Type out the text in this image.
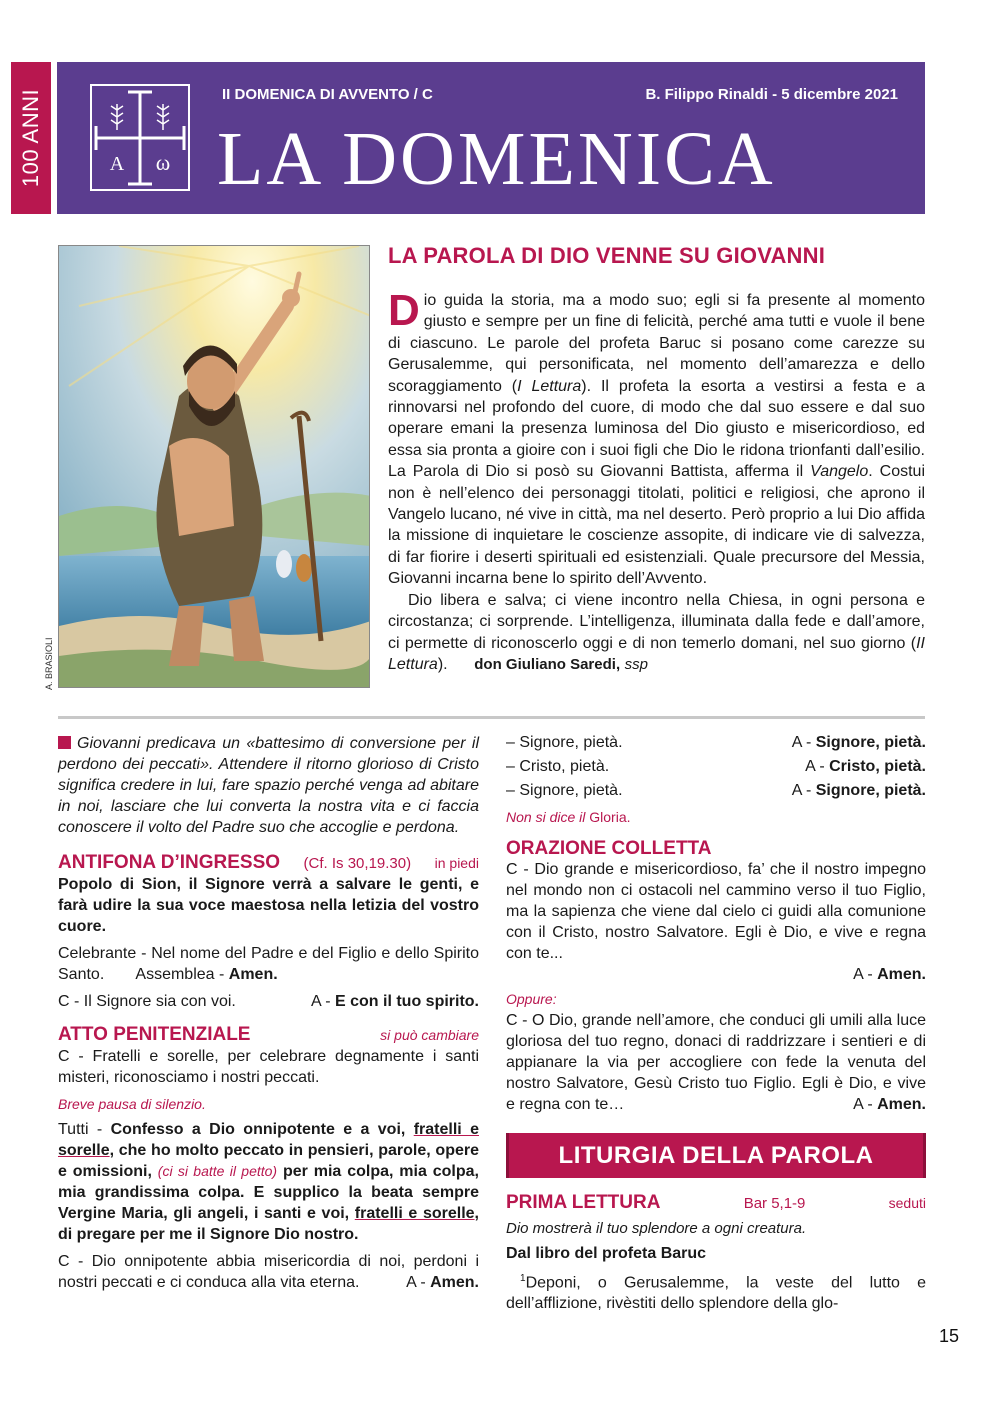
100 ANNI	A ω
II DOMENICA DI AVVENTO / C	B. Filippo Rinaldi - 5 dicembre 2021
LA DOMENICA
A. BRASIOLI
LA PAROLA DI DIO VENNE SU GIOVANNI

Dio guida la storia, ma a modo suo; egli si fa presente al momento giusto e sempre per un fine di felicità, perché ama tutti e vuole il bene di ciascuno. Le parole del profeta Baruc si posano come carezze su Gerusalemme, qui personificata, nel momento dell’amarezza e dello scoraggiamento (I Lettura). Il profeta la esorta a vestirsi a festa e a rinnovarsi nel profondo del cuore, di modo che dal suo essere e dal suo operare emani la presenza luminosa del Dio giusto e misericordioso, ed essa sia pronta a gioire con i suoi figli che Dio le ridona trionfanti dall’esilio. La Parola di Dio si posò su Giovanni Battista, afferma il Vangelo. Costui non è nell’elenco dei personaggi titolati, politici e religiosi, che aprono il Vangelo lucano, né vive in città, ma nel deserto. Però proprio a lui Dio affida la missione di inquietare le coscienze assopite, di indicare vie di salvezza, di far fiorire i deserti spirituali ed esistenziali. Quale precursore del Messia, Giovanni incarna bene lo spirito dell’Avvento.

Dio libera e salva; ci viene incontro nella Chiesa, in ogni persona e circostanza; ci sorprende. L’intelligenza, illuminata dalla fede e dall’amore, ci permette di riconoscerlo oggi e di non temerlo domani, nel suo giorno (II Lettura). don Giuliano Saredi, ssp

Giovanni predicava un «battesimo di conversione per il perdono dei peccati». Attendere il ritorno glorioso di Cristo significa credere in lui, fare spazio perché venga ad abitare in noi, lasciare che lui converta la nostra vita e ci faccia conoscere il volto del Padre suo che accoglie e perdona.

ANTIFONA D’INGRESSO (Cf. Is 30,19.30) in piedi

Popolo di Sion, il Signore verrà a salvare le genti, e farà udire la sua voce maestosa nella letizia del vostro cuore.

Celebrante - Nel nome del Padre e del Figlio e dello Spirito Santo. Assemblea - Amen.

C - Il Signore sia con voi.	A - E con il tuo spirito.
ATTO PENITENZIALE	si può cambiare

C - Fratelli e sorelle, per celebrare degnamente i santi misteri, riconosciamo i nostri peccati.

Breve pausa di silenzio.

Tutti - Confesso a Dio onnipotente e a voi, fratelli e sorelle, che ho molto peccato in pensieri, parole, opere e omissioni, (ci si batte il petto) per mia colpa, mia colpa, mia grandissima colpa. E supplico la beata sempre Vergine Maria, gli angeli, i santi e voi, fratelli e sorelle, di pregare per me il Signore Dio nostro.

C - Dio onnipotente abbia misericordia di noi, perdoni i nostri peccati e ci conduca alla vita eterna.	A - Amen.

– Signore, pietà.	A - Signore, pietà.
– Cristo, pietà.	A - Cristo, pietà.
– Signore, pietà.	A - Signore, pietà.

Non si dice il Gloria.

ORAZIONE COLLETTA

C - Dio grande e misericordioso, fa’ che il nostro impegno nel mondo non ci ostacoli nel cammino verso il tuo Figlio, ma la sapienza che viene dal cielo ci guidi alla comunione con il Cristo, nostro Salvatore. Egli è Dio, e vive e regna con te...

A - Amen.

Oppure:

C - O Dio, grande nell’amore, che conduci gli umili alla luce gloriosa del tuo regno, donaci di raddrizzare i sentieri e di appianare la via per accogliere con fede la venuta del nostro Salvatore, Gesù Cristo tuo Figlio. Egli è Dio, e vive e regna con te…	A - Amen.

LITURGIA DELLA PAROLA
PRIMA LETTURA	Bar 5,1-9	seduti

Dio mostrerà il tuo splendore a ogni creatura.

Dal libro del profeta Baruc

$^1$Deponi, o Gerusalemme, la veste del lutto e dell’afflizione, rivèstiti dello splendore della glo-

15
